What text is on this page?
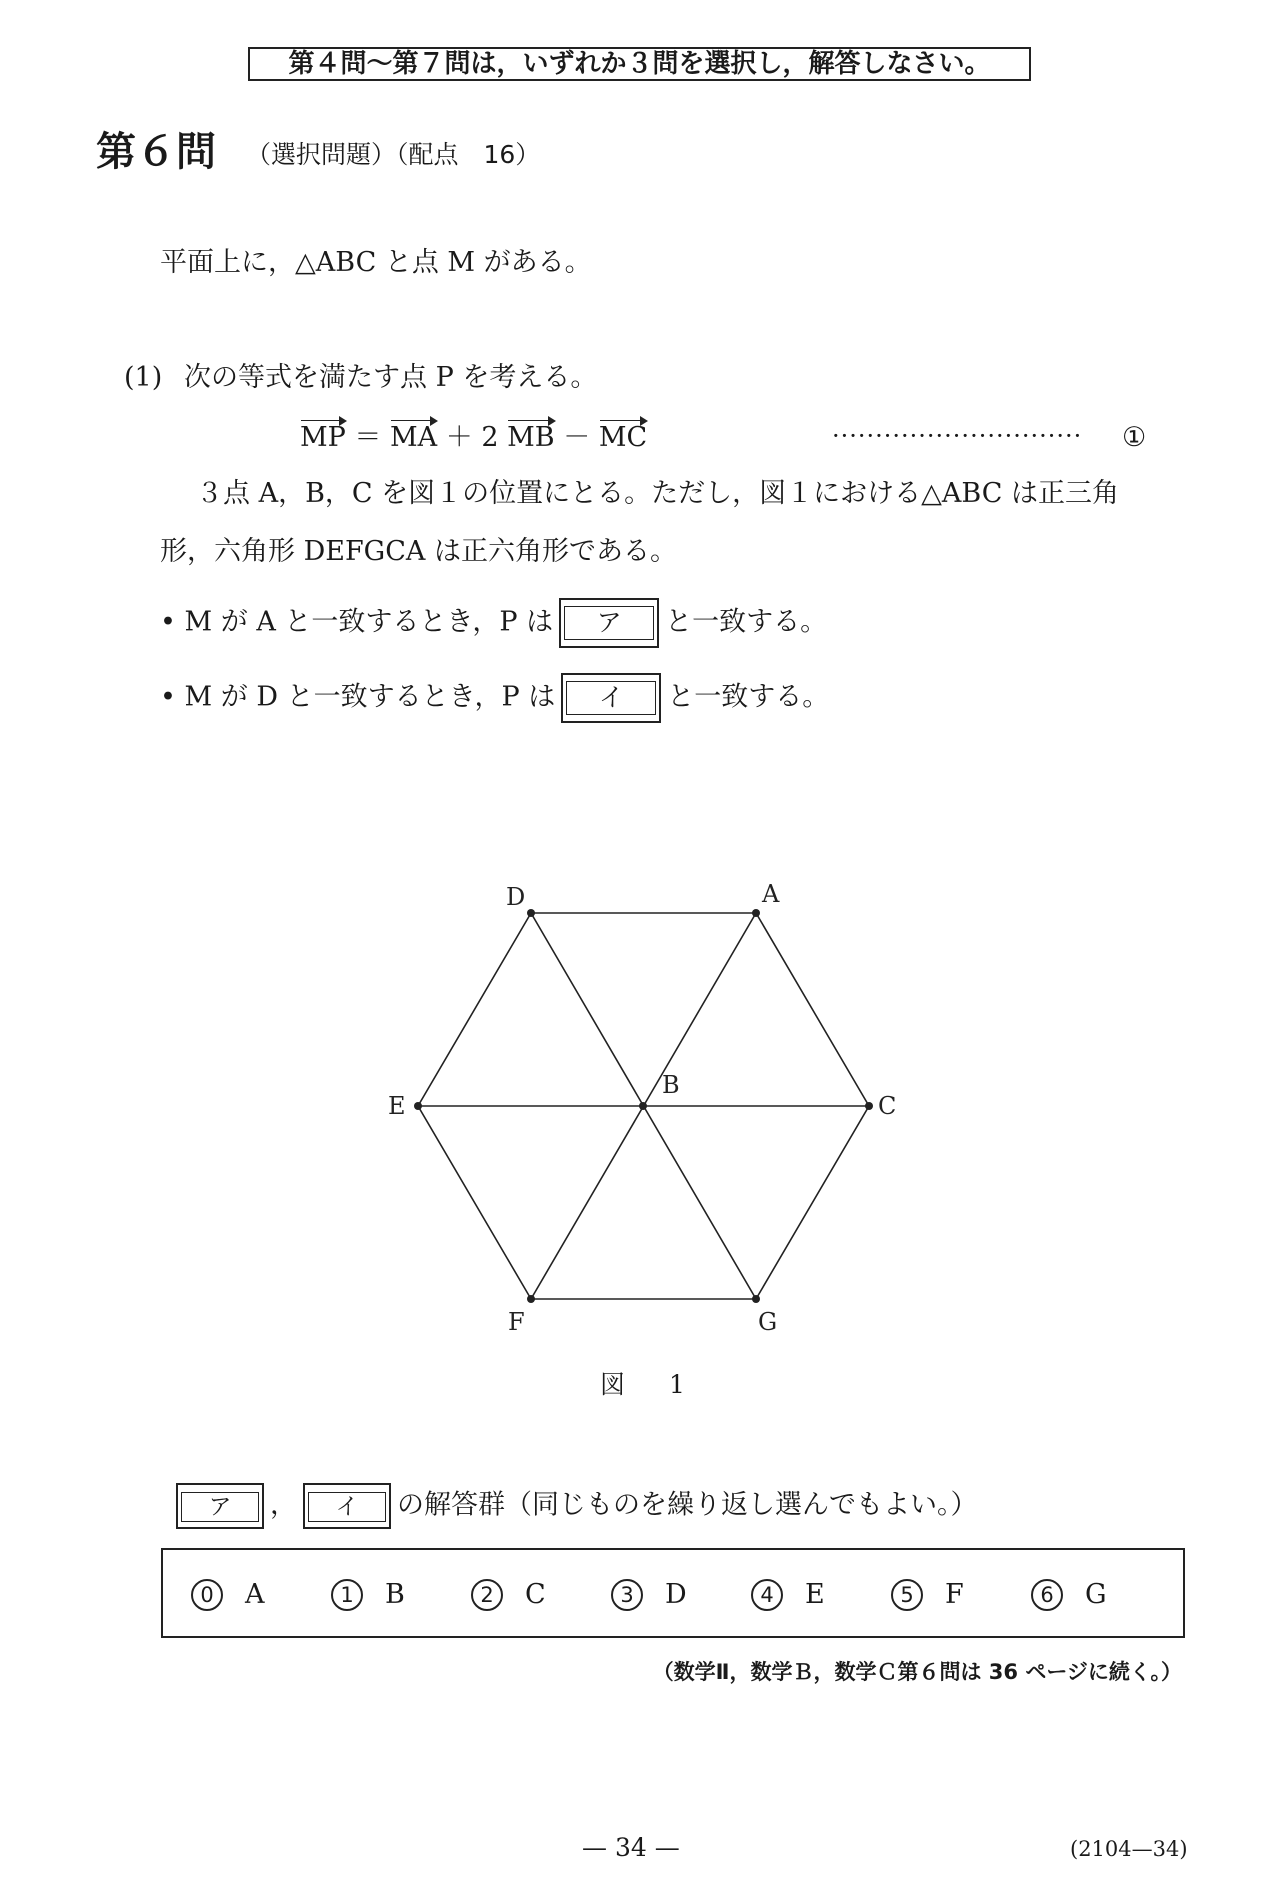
第４問～第７問は，いずれか３問を選択し，解答しなさい。
第６問 （選択問題）（配点　16）
平面上に，△ABC と点 M がある。
(1) 次の等式を満たす点 P を考える。
MP ＝ MA ＋ 2 MB － MC	····························· ①
３点 A，B，C を図１の位置にとる。ただし，図１における△ABC は正三角
形，六角形 DEFGCA は正六角形である。
• M が A と一致するとき，P は ア と一致する。
• M が D と一致するとき，P は イ と一致する。
D	A
C
G
F
E
B
図 1
ア ， イ の解答群（同じものを繰り返し選んでもよい。）
0	A	1	B	2	C	3	D	4	E	5	F	6	G
（数学Ⅱ，数学Ｂ，数学Ｃ第６問は 36 ページに続く。）
— 34 —	(2104—34)
